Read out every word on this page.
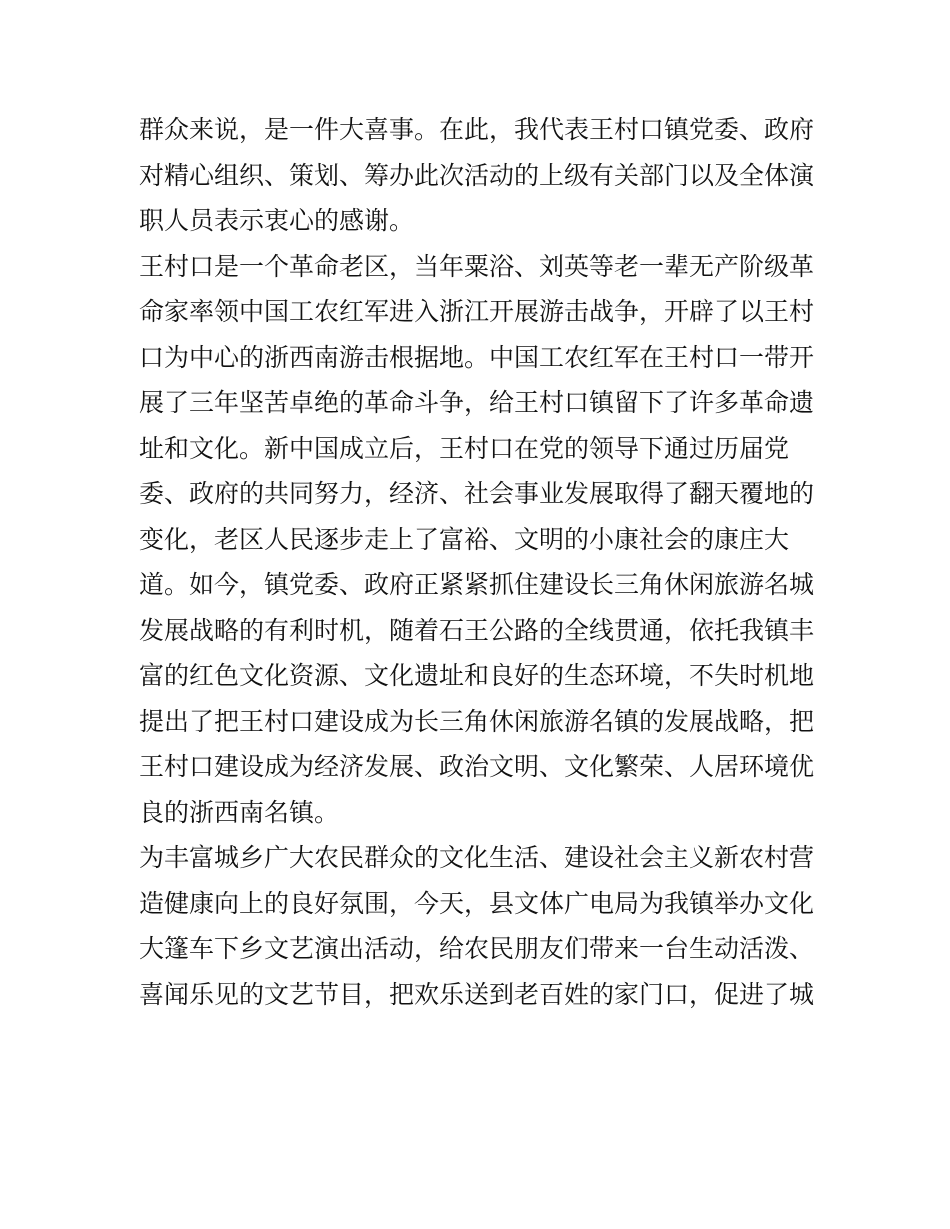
群众来说，是一件大喜事。在此，我代表王村口镇党委、政府
对精心组织、策划、筹办此次活动的上级有关部门以及全体演
职人员表示衷心的感谢。
王村口是一个革命老区，当年粟浴、刘英等老一辈无产阶级革
命家率领中国工农红军进入浙江开展游击战争，开辟了以王村
口为中心的浙西南游击根据地。中国工农红军在王村口一带开
展了三年坚苦卓绝的革命斗争，给王村口镇留下了许多革命遗
址和文化。新中国成立后，王村口在党的领导下通过历届党
委、政府的共同努力，经济、社会事业发展取得了翻天覆地的
变化，老区人民逐步走上了富裕、文明的小康社会的康庄大
道。如今，镇党委、政府正紧紧抓住建设长三角休闲旅游名城
发展战略的有利时机，随着石王公路的全线贯通，依托我镇丰
富的红色文化资源、文化遗址和良好的生态环境，不失时机地
提出了把王村口建设成为长三角休闲旅游名镇的发展战略，把
王村口建设成为经济发展、政治文明、文化繁荣、人居环境优
良的浙西南名镇。
为丰富城乡广大农民群众的文化生活、建设社会主义新农村营
造健康向上的良好氛围，今天，县文体广电局为我镇举办文化
大篷车下乡文艺演出活动，给农民朋友们带来一台生动活泼、
喜闻乐见的文艺节目，把欢乐送到老百姓的家门口，促进了城
